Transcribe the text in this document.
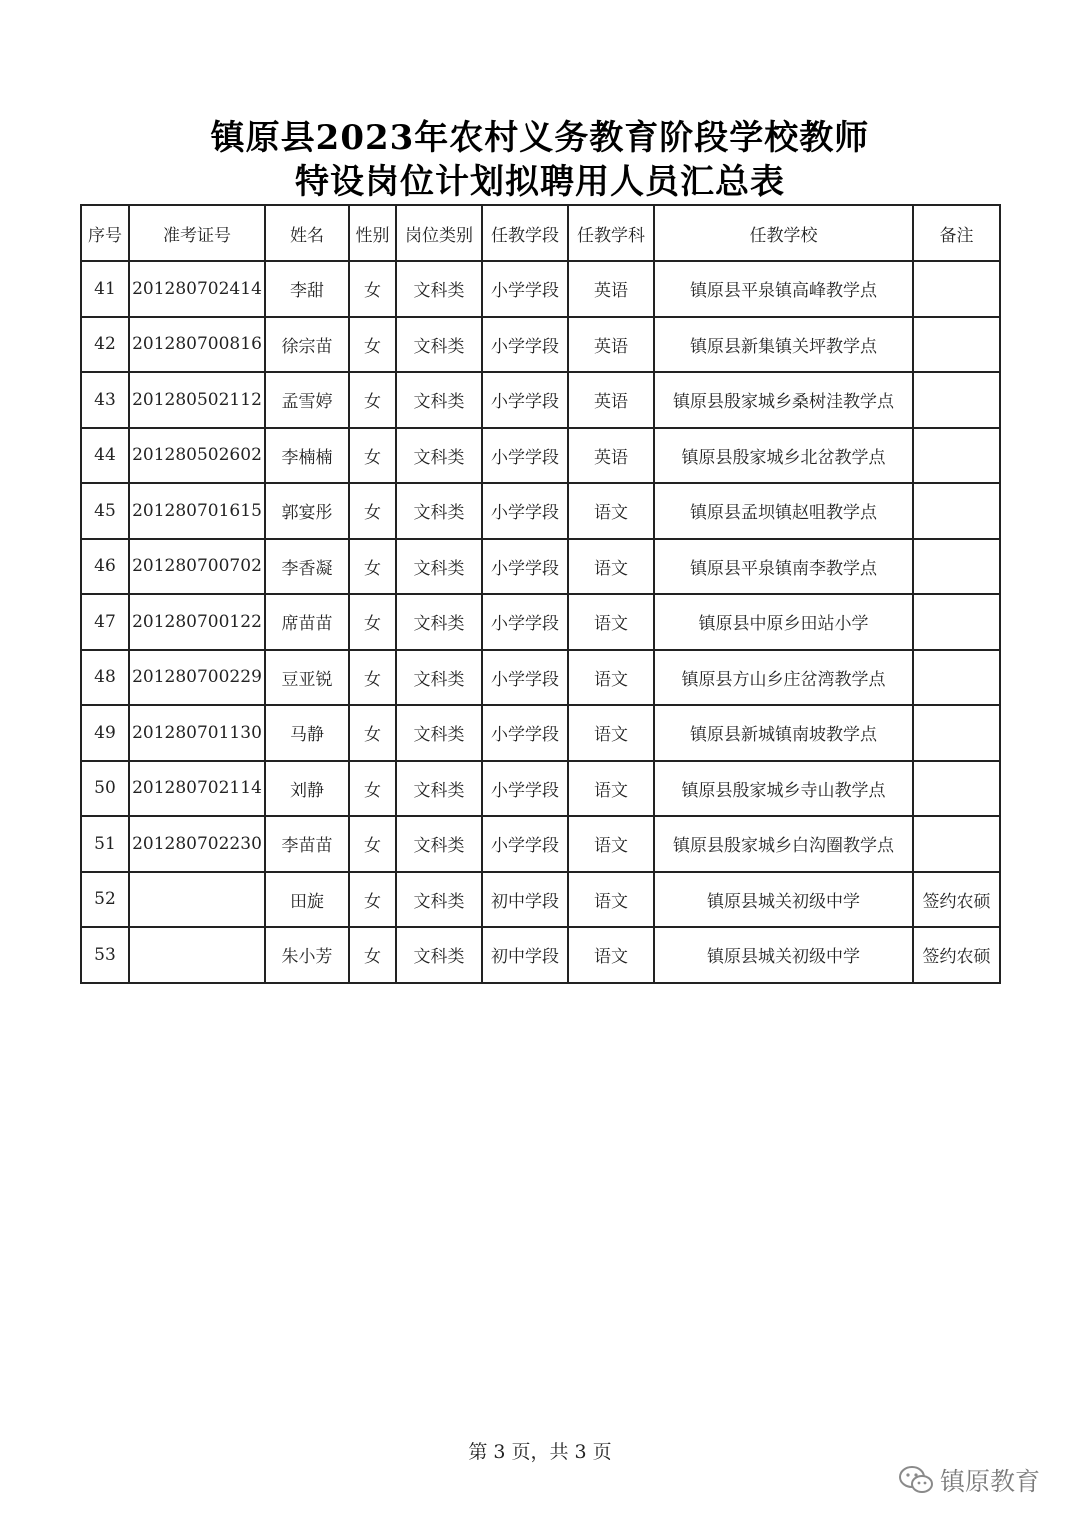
镇原县2023年农村义务教育阶段学校教师
特设岗位计划拟聘用人员汇总表
序号	准考证号	姓名	性别	岗位类别	任教学段	任教学科	任教学校	备注
41	201280702414	李甜	女	文科类	小学学段	英语	镇原县平泉镇高峰教学点	
42	201280700816	徐宗苗	女	文科类	小学学段	英语	镇原县新集镇关坪教学点	
43	201280502112	孟雪婷	女	文科类	小学学段	英语	镇原县殷家城乡桑树洼教学点	
44	201280502602	李楠楠	女	文科类	小学学段	英语	镇原县殷家城乡北岔教学点	
45	201280701615	郭宴彤	女	文科类	小学学段	语文	镇原县孟坝镇赵咀教学点	
46	201280700702	李香凝	女	文科类	小学学段	语文	镇原县平泉镇南李教学点	
47	201280700122	席苗苗	女	文科类	小学学段	语文	镇原县中原乡田站小学	
48	201280700229	豆亚锐	女	文科类	小学学段	语文	镇原县方山乡庄岔湾教学点	
49	201280701130	马静	女	文科类	小学学段	语文	镇原县新城镇南坡教学点	
50	201280702114	刘静	女	文科类	小学学段	语文	镇原县殷家城乡寺山教学点	
51	201280702230	李苗苗	女	文科类	小学学段	语文	镇原县殷家城乡白沟圈教学点	
52		田旋	女	文科类	初中学段	语文	镇原县城关初级中学	签约农硕
53		朱小芳	女	文科类	初中学段	语文	镇原县城关初级中学	签约农硕
第 3 页，共 3 页
镇原教育
